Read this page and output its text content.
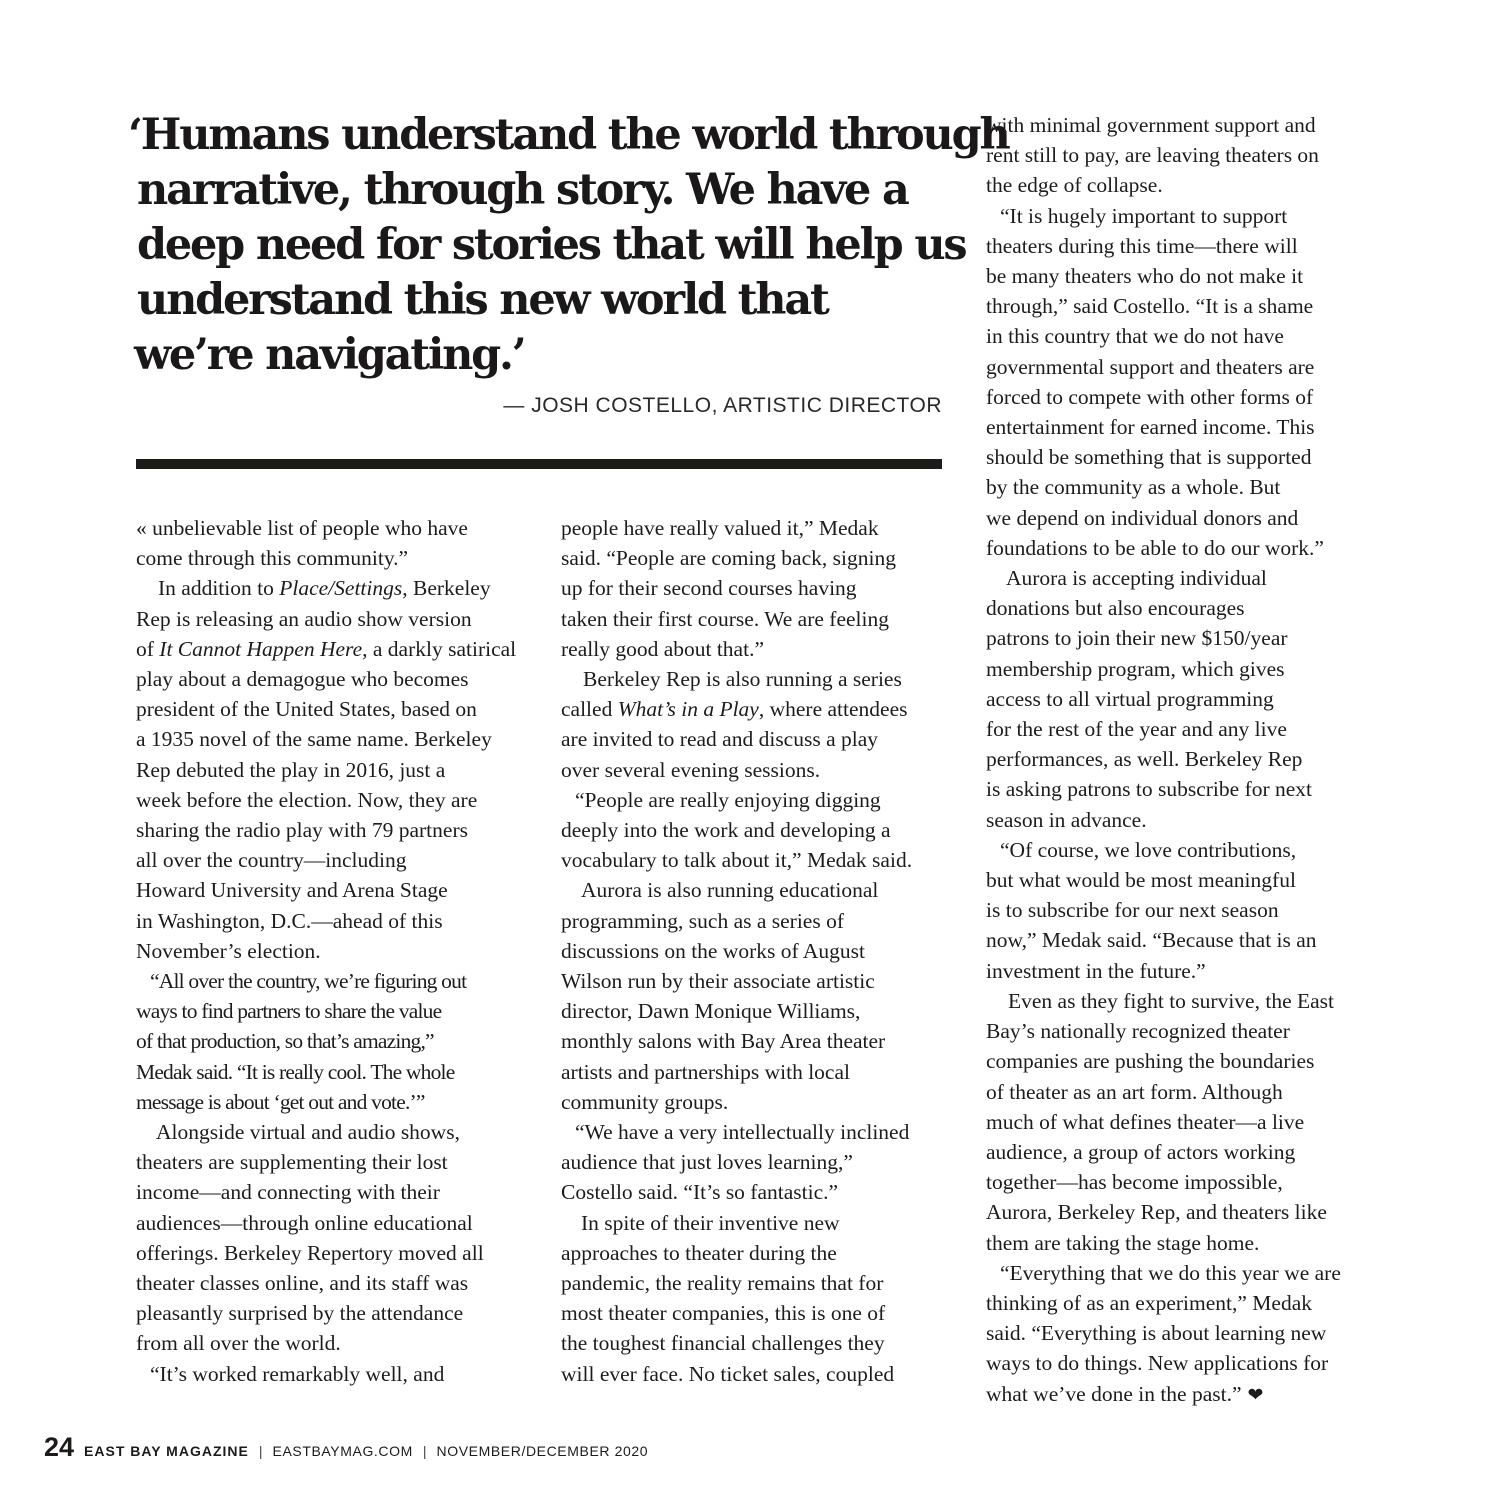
‘Humans understand the world through
narrative, through story. We have a
deep need for stories that will help us
understand this new world that
we’re navigating.’
— JOSH COSTELLO, ARTISTIC DIRECTOR
« unbelievable list of people who have
come through this community.”
In addition to Place/Settings, Berkeley
Rep is releasing an audio show version
of It Cannot Happen Here, a darkly satirical
play about a demagogue who becomes
president of the United States, based on
a 1935 novel of the same name. Berkeley
Rep debuted the play in 2016, just a
week before the election. Now, they are
sharing the radio play with 79 partners
all over the country—including
Howard University and Arena Stage
in Washington, D.C.—ahead of this
November’s election.
“All over the country, we’re figuring out
ways to find partners to share the value
of that production, so that’s amazing,”
Medak said. “It is really cool. The whole
message is about ‘get out and vote.’”
Alongside virtual and audio shows,
theaters are supplementing their lost
income—and connecting with their
audiences—through online educational
offerings. Berkeley Repertory moved all
theater classes online, and its staff was
pleasantly surprised by the attendance
from all over the world.
“It’s worked remarkably well, and
people have really valued it,” Medak
said. “People are coming back, signing
up for their second courses having
taken their first course. We are feeling
really good about that.”
Berkeley Rep is also running a series
called What’s in a Play, where attendees
are invited to read and discuss a play
over several evening sessions.
“People are really enjoying digging
deeply into the work and developing a
vocabulary to talk about it,” Medak said.
Aurora is also running educational
programming, such as a series of
discussions on the works of August
Wilson run by their associate artistic
director, Dawn Monique Williams,
monthly salons with Bay Area theater
artists and partnerships with local
community groups.
“We have a very intellectually inclined
audience that just loves learning,”
Costello said. “It’s so fantastic.”
In spite of their inventive new
approaches to theater during the
pandemic, the reality remains that for
most theater companies, this is one of
the toughest financial challenges they
will ever face. No ticket sales, coupled
with minimal government support and
rent still to pay, are leaving theaters on
the edge of collapse.
“It is hugely important to support
theaters during this time—there will
be many theaters who do not make it
through,” said Costello. “It is a shame
in this country that we do not have
governmental support and theaters are
forced to compete with other forms of
entertainment for earned income. This
should be something that is supported
by the community as a whole. But
we depend on individual donors and
foundations to be able to do our work.”
Aurora is accepting individual
donations but also encourages
patrons to join their new $150/year
membership program, which gives
access to all virtual programming
for the rest of the year and any live
performances, as well. Berkeley Rep
is asking patrons to subscribe for next
season in advance.
“Of course, we love contributions,
but what would be most meaningful
is to subscribe for our next season
now,” Medak said. “Because that is an
investment in the future.”
Even as they fight to survive, the East
Bay’s nationally recognized theater
companies are pushing the boundaries
of theater as an art form. Although
much of what defines theater—a live
audience, a group of actors working
together—has become impossible,
Aurora, Berkeley Rep, and theaters like
them are taking the stage home.
“Everything that we do this year we are
thinking of as an experiment,” Medak
said. “Everything is about learning new
ways to do things. New applications for
what we’ve done in the past.” ❤
24 EAST BAY MAGAZINE | EASTBAYMAG.COM | NOVEMBER/DECEMBER 2020
